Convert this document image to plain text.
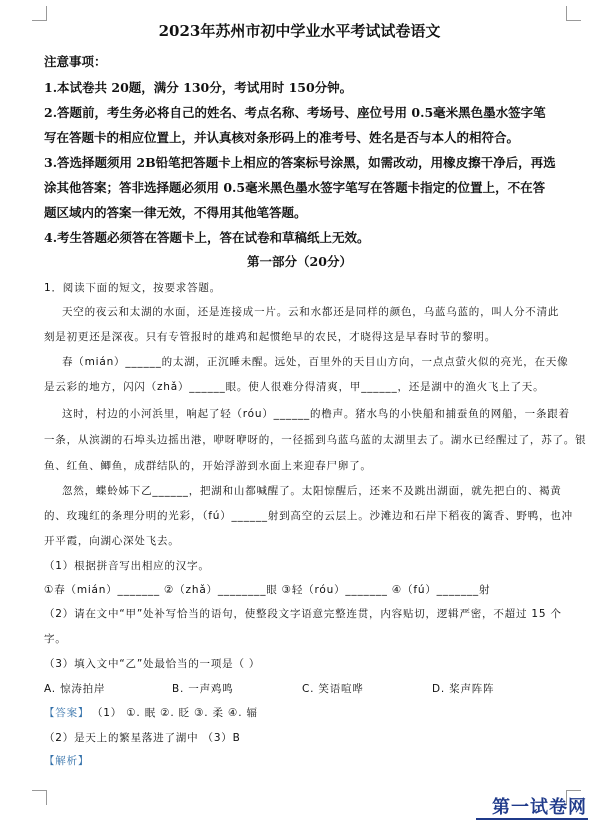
2023年苏州市初中学业水平考试试卷语文
注意事项：
1.本试卷共 20题，满分 130分，考试用时 150分钟。
2.答题前，考生务必将自己的姓名、考点名称、考场号、座位号用 0.5毫米黑色墨水签字笔
写在答题卡的相应位置上，并认真核对条形码上的准考号、姓名是否与本人的相符合。
3.答选择题须用 2B铅笔把答题卡上相应的答案标号涂黑，如需改动，用橡皮擦干净后，再选
涂其他答案；答非选择题必须用 0.5毫米黑色墨水签字笔写在答题卡指定的位置上，不在答
题区域内的答案一律无效，不得用其他笔答题。
4.考生答题必须答在答题卡上，答在试卷和草稿纸上无效。
第一部分（20分）
1．阅读下面的短文，按要求答题。
天空的夜云和太湖的水面，还是连接成一片。云和水都还是同样的颜色，乌蓝乌蓝的，叫人分不清此
刻是初更还是深夜。只有专管报时的雄鸡和起惯绝早的农民，才晓得这是早春时节的黎明。
春（mián）______的太湖，正沉睡未醒。远处，百里外的天目山方向，一点点萤火似的亮光，在天像
是云彩的地方，闪闪（zhǎ）______眼。使人很难分得清爽，甲______，还是湖中的渔火飞上了天。
这时，村边的小河浜里，响起了轻（róu）______的橹声。猪水鸟的小快船和捕蚕鱼的网船，一条跟着
一条，从滨湖的石埠头边摇出港，咿呀咿呀的，一径摇到乌蓝乌蓝的太湖里去了。湖水已经醒过了，苏了。银
鱼、红鱼、鲫鱼，成群结队的，开始浮游到水面上来迎春尸卵了。
忽然，蝶蛉姊下乙______，把湖和山都喊醒了。太阳惊醒后，还来不及跳出湖面，就先把白的、褐黄
的、玫瑰红的条理分明的光彩，（fú）______射到高空的云层上。沙滩边和石岸下稻夜的篱香、野鸭，也冲
开平霞，向湖心深处飞去。
（1）根据拼音写出相应的汉字。
①春（mián）_______ ②（zhǎ）________眼 ③轻（róu）_______ ④（fú）_______射
（2）请在文中“甲”处补写恰当的语句，使整段文字语意完整连贯，内容贴切，逻辑严密，不超过 15 个
字。
（3）填入文中“乙”处最恰当的一项是（ ）
A. 惊涛拍岸	B. 一声鸡鸣	C. 笑语喧哗	D. 桨声阵阵
【答案】 （1） ①. 眠 ②. 眨 ③. 柔 ④. 辐
（2）是天上的繁星落进了湖中 （3）B
【解析】
第一试卷网
